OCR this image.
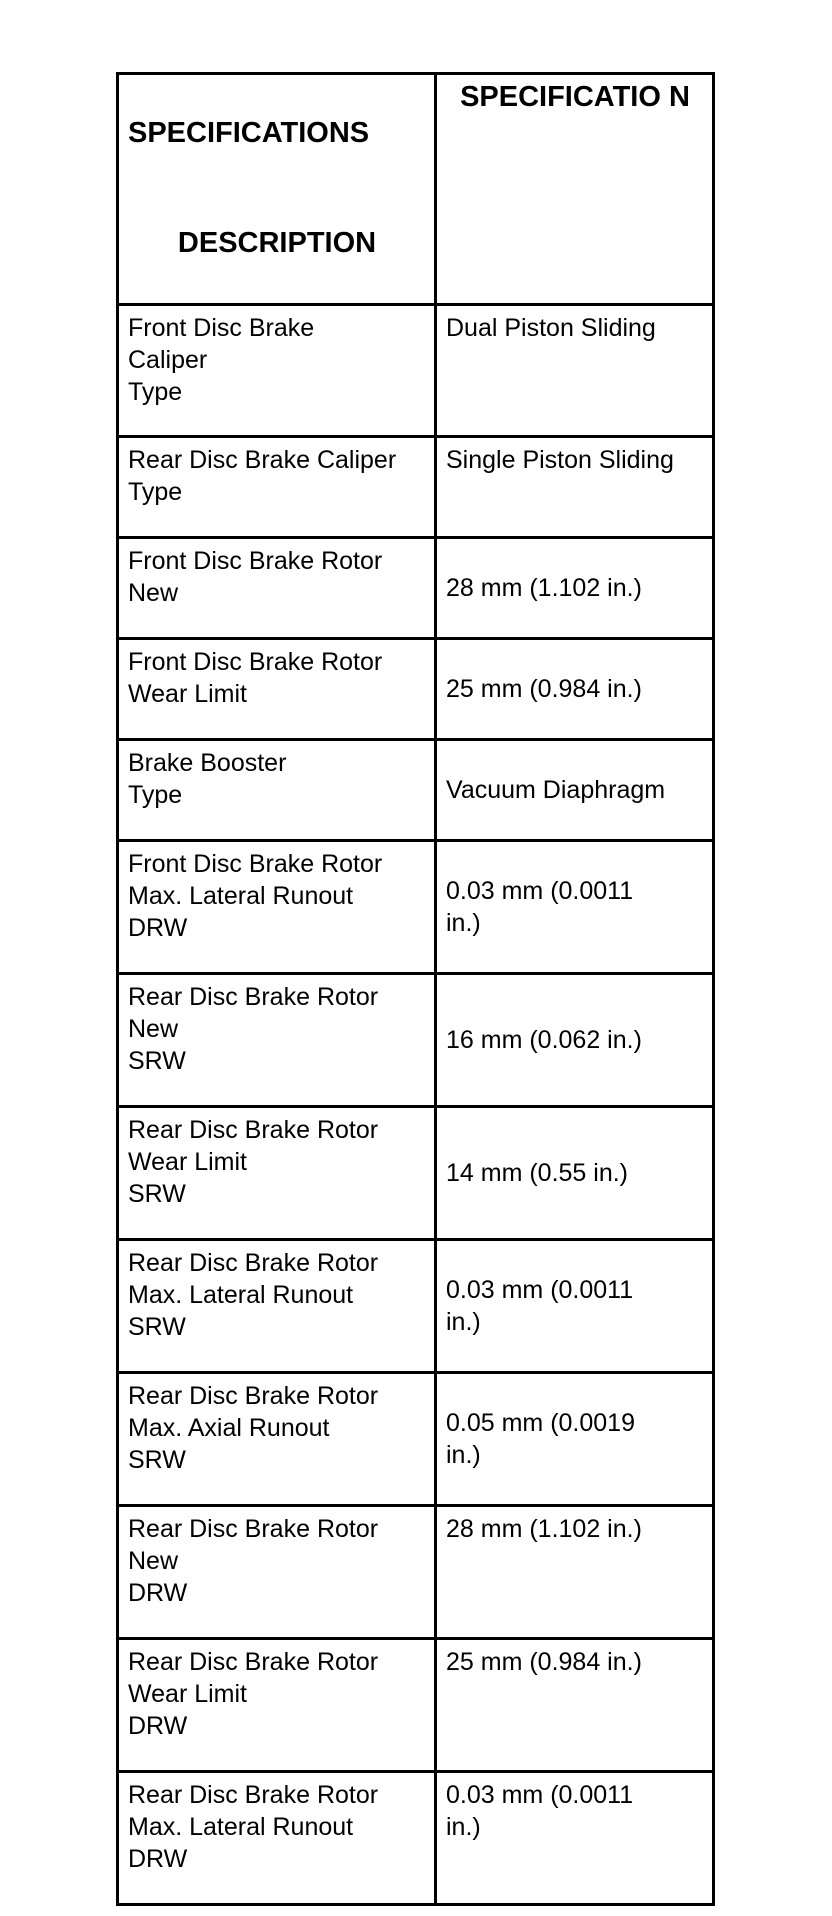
SPECIFICATIONS

DESCRIPTION	SPECIFICATIO N
Front Disc Brake
Caliper
Type	Dual Piston Sliding
Rear Disc Brake Caliper
Type	Single Piston Sliding
Front Disc Brake Rotor
New	28 mm (1.102 in.)
Front Disc Brake Rotor
Wear Limit	25 mm (0.984 in.)
Brake Booster
Type	Vacuum Diaphragm
Front Disc Brake Rotor
Max. Lateral Runout
DRW	0.03 mm (0.0011
in.)
Rear Disc Brake Rotor
New
SRW	16 mm (0.062 in.)
Rear Disc Brake Rotor
Wear Limit
SRW	14 mm (0.55 in.)
Rear Disc Brake Rotor
Max. Lateral Runout
SRW	0.03 mm (0.0011
in.)
Rear Disc Brake Rotor
Max. Axial Runout
SRW	0.05 mm (0.0019
in.)
Rear Disc Brake Rotor
New
DRW	28 mm (1.102 in.)
Rear Disc Brake Rotor
Wear Limit
DRW	25 mm (0.984 in.)
Rear Disc Brake Rotor
Max. Lateral Runout
DRW	0.03 mm (0.0011
in.)
